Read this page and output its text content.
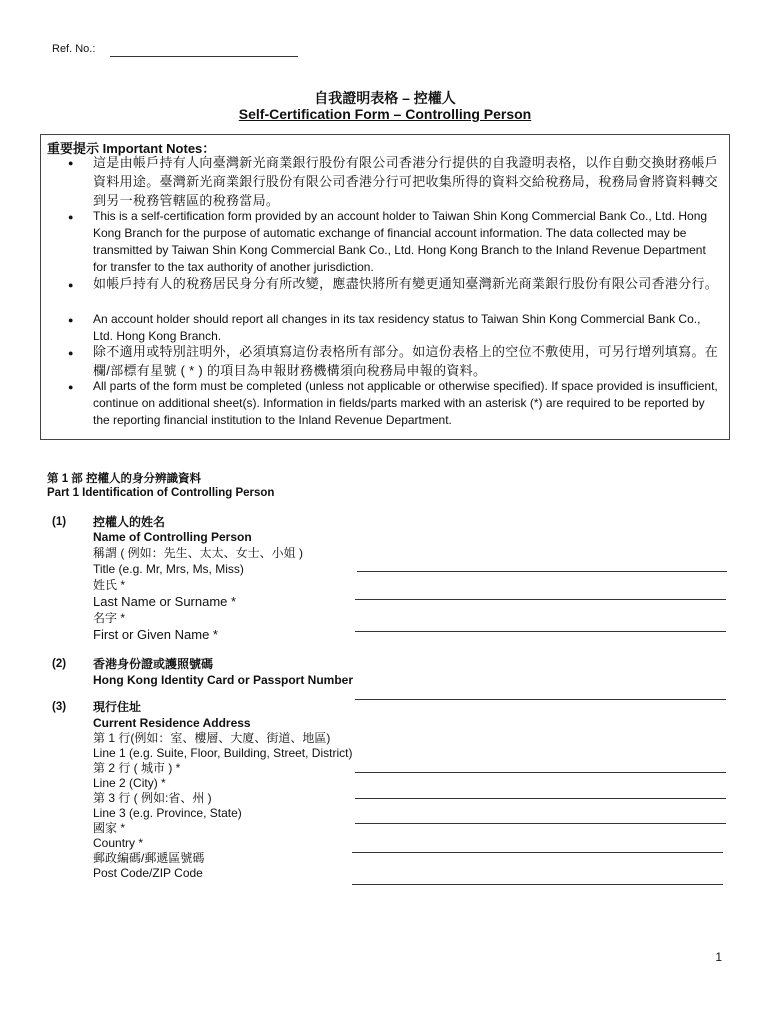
Ref. No.:
自我證明表格 – 控權人
Self-Certification Form – Controlling Person
重要提示 Important Notes：
● 這是由帳戶持有人向臺灣新光商業銀行股份有限公司香港分行提供的自我證明表格，以作自動交換財務帳戶資料用途。臺灣新光商業銀行股份有限公司香港分行可把收集所得的資料交給稅務局，稅務局會將資料轉交到另一稅務管轄區的稅務當局。
● This is a self-certification form provided by an account holder to Taiwan Shin Kong Commercial Bank Co., Ltd. Hong Kong Branch for the purpose of automatic exchange of financial account information. The data collected may be transmitted by Taiwan Shin Kong Commercial Bank Co., Ltd. Hong Kong Branch to the Inland Revenue Department for transfer to the tax authority of another jurisdiction.
● 如帳戶持有人的稅務居民身分有所改變，應盡快將所有變更通知臺灣新光商業銀行股份有限公司香港分行。
● An account holder should report all changes in its tax residency status to Taiwan Shin Kong Commercial Bank Co., Ltd. Hong Kong Branch.
● 除不適用或特別註明外，必須填寫這份表格所有部分。如這份表格上的空位不敷使用，可另行增列填寫。在欄/部標有星號 ( * ) 的項目為申報財務機構須向稅務局申報的資料。
● All parts of the form must be completed (unless not applicable or otherwise specified). If space provided is insufficient, continue on additional sheet(s). Information in fields/parts marked with an asterisk (*) are required to be reported by the reporting financial institution to the Inland Revenue Department.
第 1 部 控權人的身分辨識資料
Part 1 Identification of Controlling Person
(1) 控權人的姓名
Name of Controlling Person
稱謂 ( 例如：先生、太太、女士、小姐 )
Title (e.g. Mr, Mrs, Ms, Miss)
姓氏 *
Last Name or Surname *
名字 *
First or Given Name *
(2) 香港身份證或護照號碼
Hong Kong Identity Card or Passport Number
(3) 現行住址
Current Residence Address
第 1 行(例如：室、樓層、大廈、街道、地區)
Line 1 (e.g. Suite, Floor, Building, Street, District)
第 2 行 ( 城市 ) *
Line 2 (City) *
第 3 行 ( 例如:省、州 )
Line 3 (e.g. Province, State)
國家 *
Country *
郵政編碼/郵遞區號碼
Post Code/ZIP Code
1
